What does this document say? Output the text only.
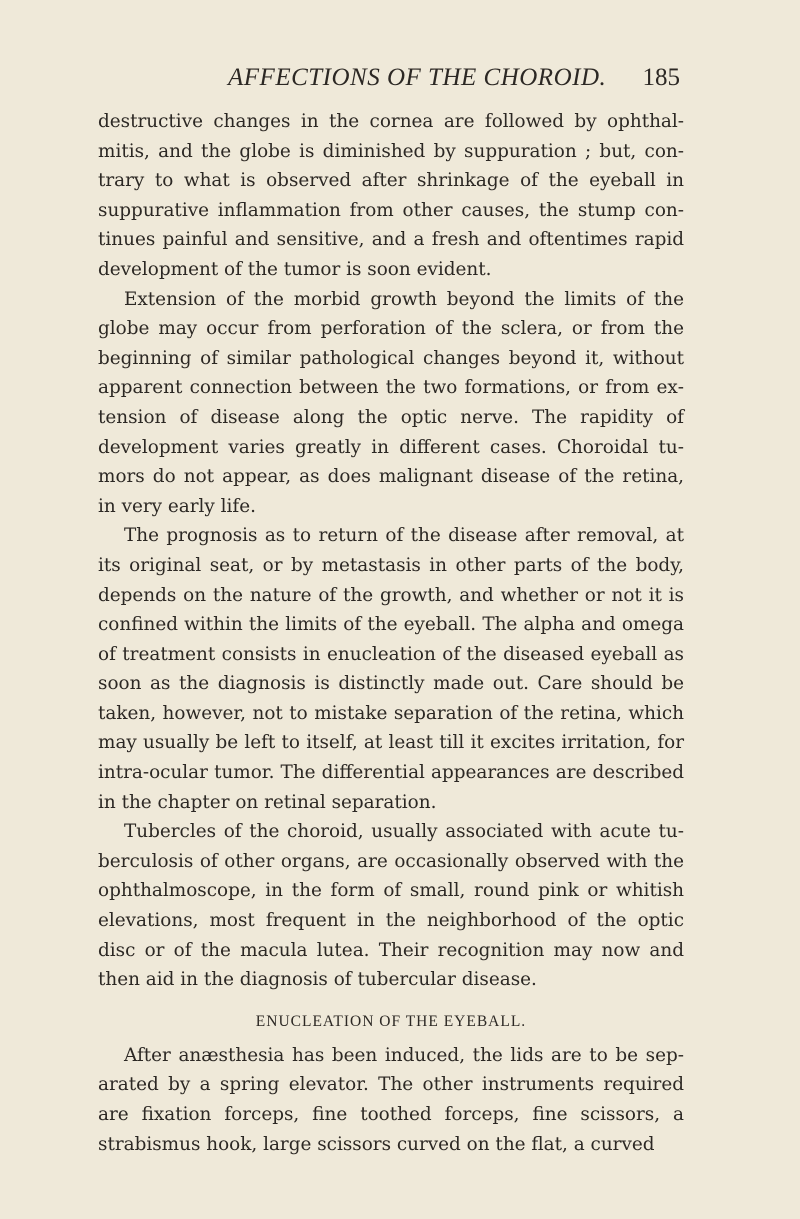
AFFECTIONS OF THE CHOROID. 185

destructive changes in the cornea are followed by ophthalmitis, and the globe is diminished by suppuration ; but, contrary to what is observed after shrinkage of the eyeball in suppurative inflammation from other causes, the stump continues painful and sensitive, and a fresh and oftentimes rapid development of the tumor is soon evident.

Extension of the morbid growth beyond the limits of the globe may occur from perforation of the sclera, or from the beginning of similar pathological changes beyond it, without apparent connection between the two formations, or from extension of disease along the optic nerve. The rapidity of development varies greatly in different cases. Choroidal tumors do not appear, as does malignant disease of the retina, in very early life.

The prognosis as to return of the disease after removal, at its original seat, or by metastasis in other parts of the body, depends on the nature of the growth, and whether or not it is confined within the limits of the eyeball. The alpha and omega of treatment consists in enucleation of the diseased eyeball as soon as the diagnosis is distinctly made out. Care should be taken, however, not to mistake separation of the retina, which may usually be left to itself, at least till it excites irritation, for intra-ocular tumor. The differential appearances are described in the chapter on retinal separation.

Tubercles of the choroid, usually associated with acute tuberculosis of other organs, are occasionally observed with the ophthalmoscope, in the form of small, round pink or whitish elevations, most frequent in the neighborhood of the optic disc or of the macula lutea. Their recognition may now and then aid in the diagnosis of tubercular disease.

ENUCLEATION OF THE EYEBALL.

After anæsthesia has been induced, the lids are to be separated by a spring elevator. The other instruments required are fixation forceps, fine toothed forceps, fine scissors, a strabismus hook, large scissors curved on the flat, a curved
